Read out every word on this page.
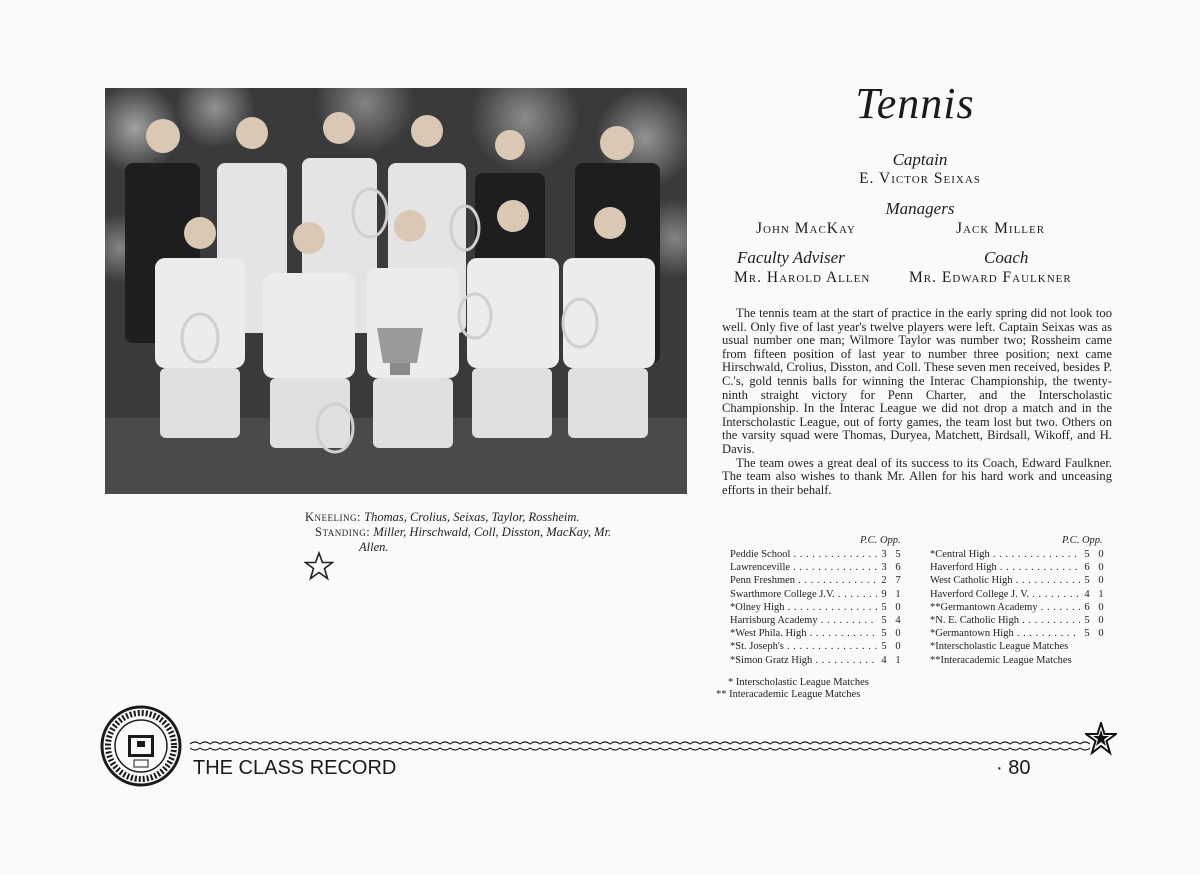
Kneeling: Thomas, Crolius, Seixas, Taylor, Rossheim.
Standing: Miller, Hirschwald, Coll, Disston, MacKay, Mr.
Allen.
Tennis
Captain
E. Victor Seixas
Managers
John MacKay	Jack Miller
Faculty Adviser	Coach
Mr. Harold Allen Mr. Edward Faulkner

The tennis team at the start of practice in the early spring did not look too well. Only five of last year's twelve players were left. Captain Seixas was as usual number one man; Wilmore Taylor was number two; Rossheim came from fifteen position of last year to number three position; next came Hirschwald, Crolius, Disston, and Coll. These seven men received, besides P. C.'s, gold tennis balls for winning the Interac Championship, the twenty-ninth straight victory for Penn Charter, and the Interscholastic Championship. In the Interac League we did not drop a match and in the Interscholastic League, out of forty games, the team lost but two. Others on the varsity squad were Thomas, Duryea, Matchett, Birdsall, Wikoff, and H. Davis.

The team owes a great deal of its success to its Coach, Edward Faulkner. The team also wishes to thank Mr. Allen for his hard work and unceasing efforts in their behalf.

P.C. Opp.	P.C. Opp.
Peddie School . . .	3 5
Lawrenceville . . .	3 6
Penn Freshmen . . .	2 7
Swarthmore College J.V. . . .	9 1
*Olney High . . .	5 0
Harrisburg Academy . . .	5 4
*West Phila. High . . .	5 0
*St. Joseph's . . .	5 0
*Simon Gratz High . . .	4 1
*Central High . . .	5 0
Haverford High . . .	6 0
West Catholic High . . .	5 0
Haverford College J. V. . . .	4 1
**Germantown Academy . . .	6 0
*N. E. Catholic High . . .	5 0
*Germantown High . . .	5 0
*Interscholastic League Matches
**Interacademic League Matches
* Interscholastic League Matches
** Interacademic League Matches
THE CLASS RECORD	· 80
